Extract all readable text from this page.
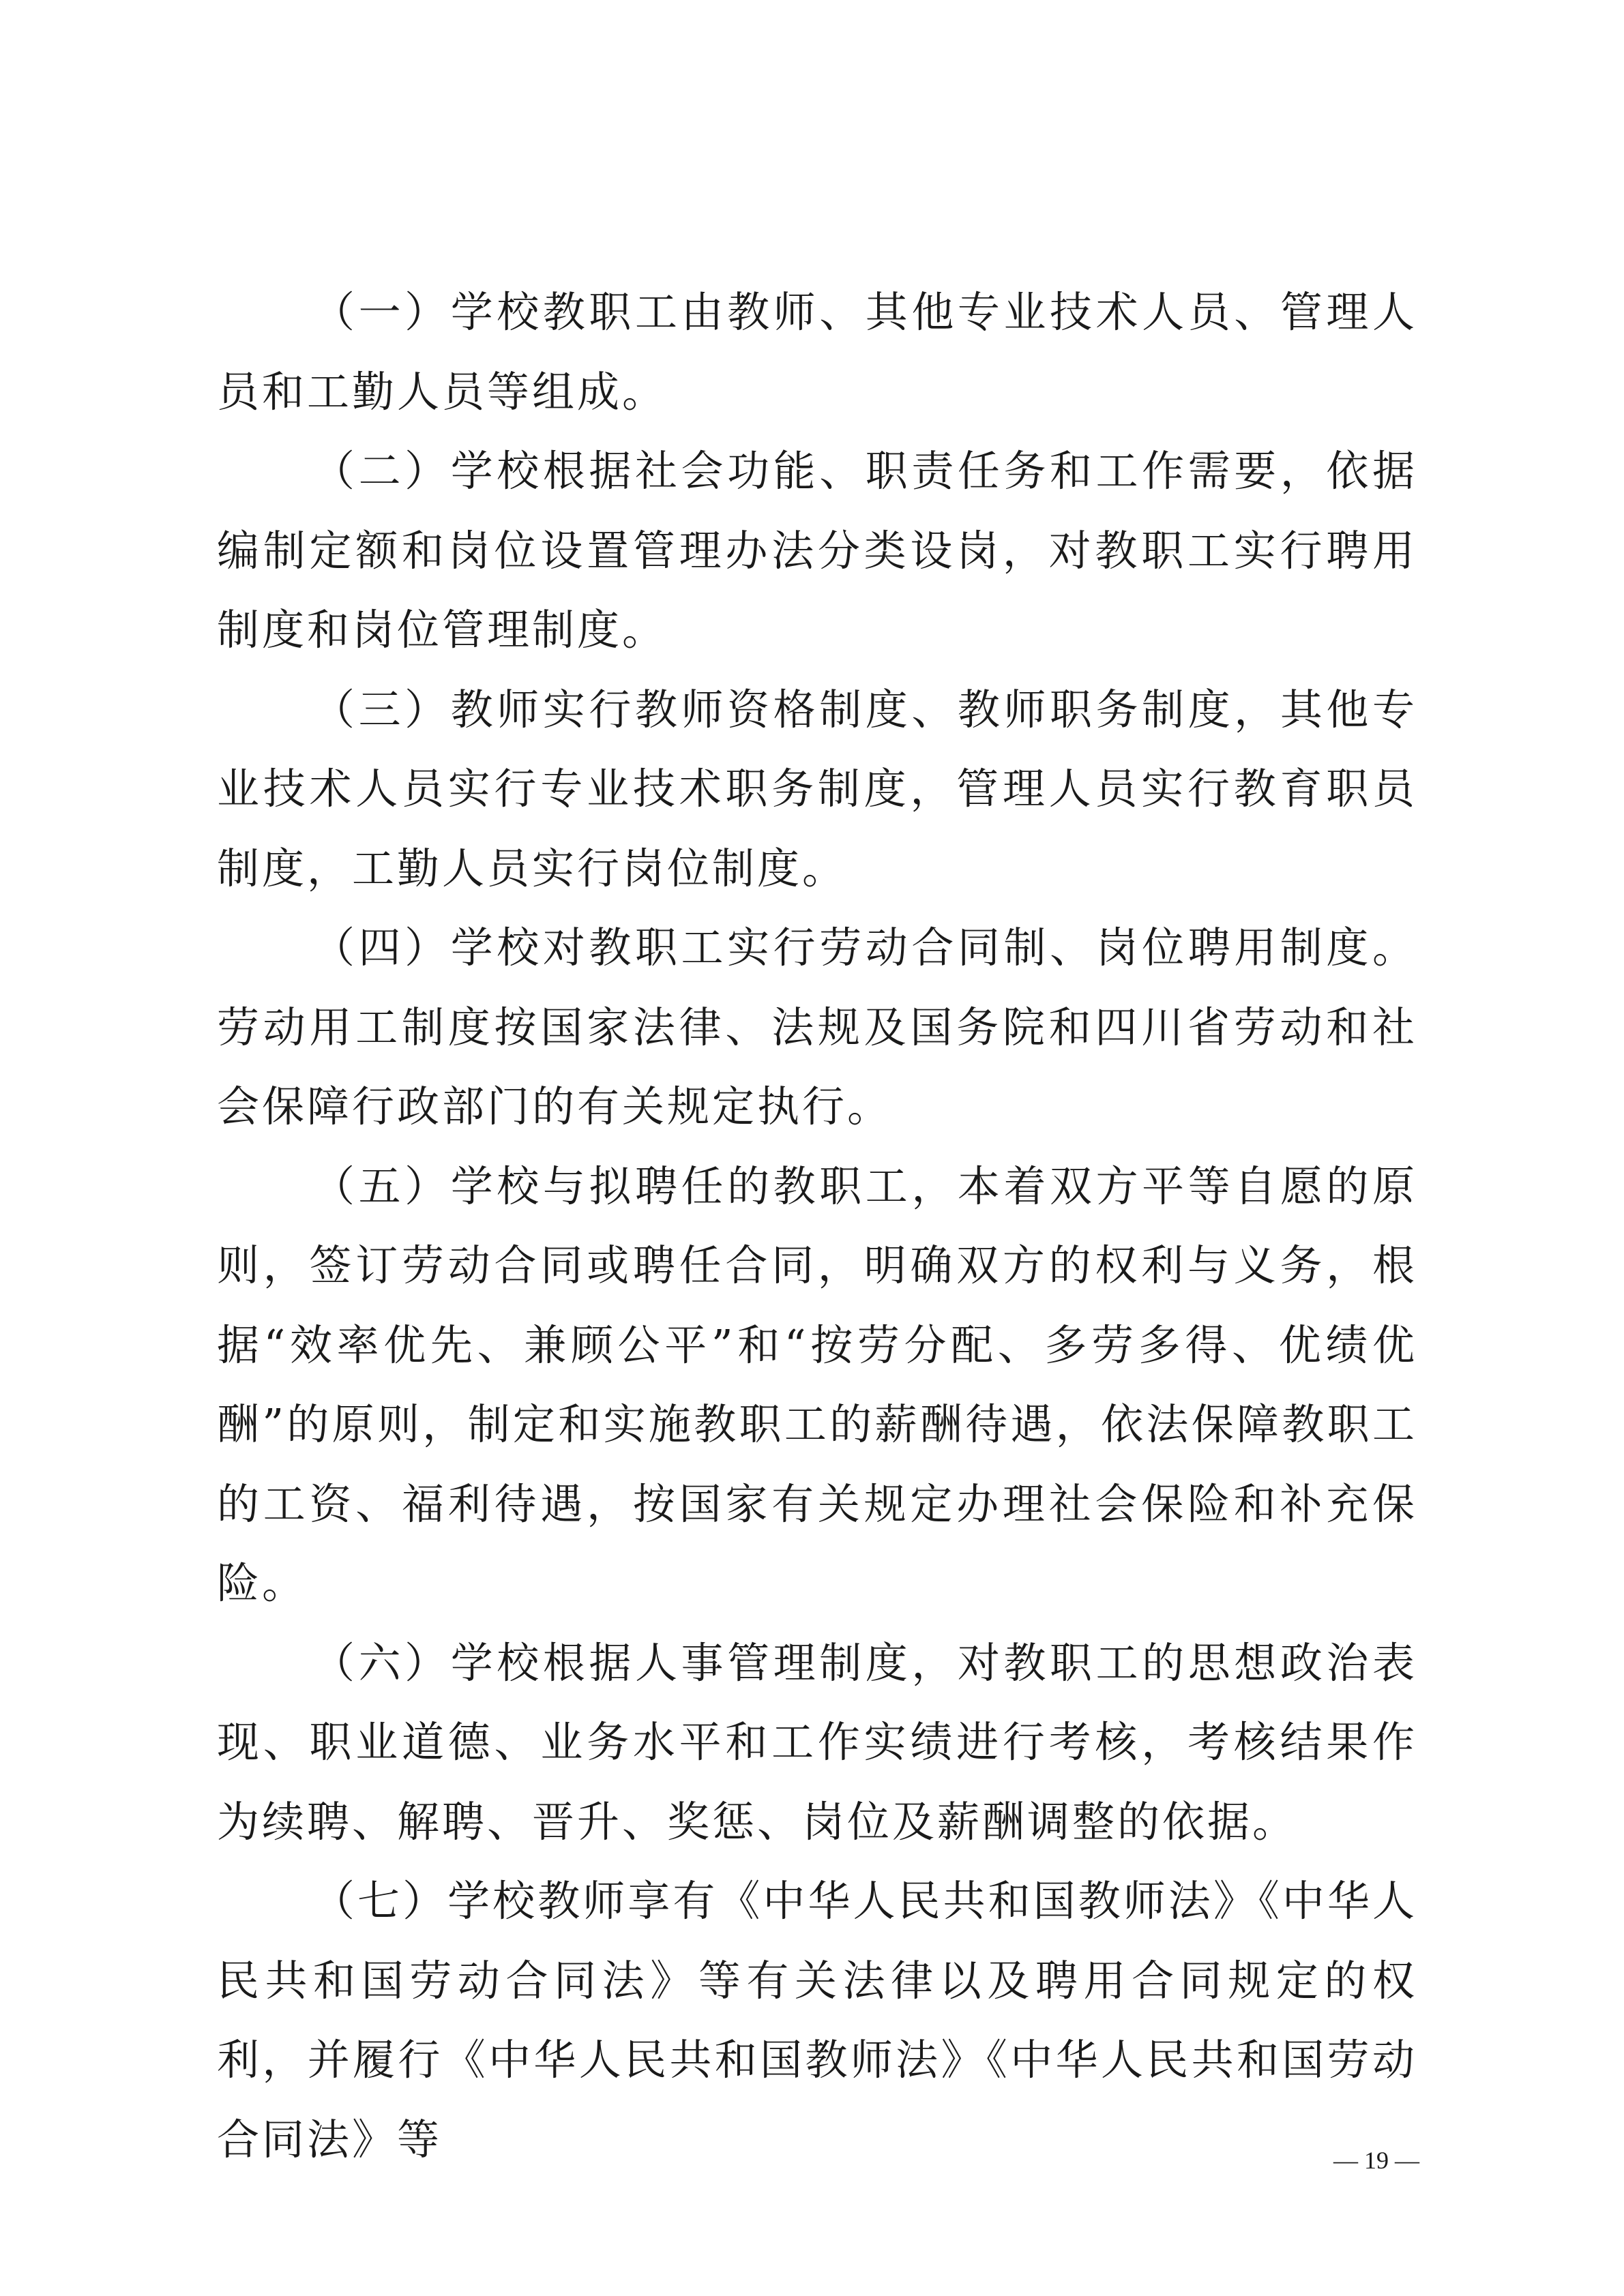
（一）学校教职工由教师、其他专业技术人员、管理人员和工勤人员等组成。

（二）学校根据社会功能、职责任务和工作需要，依据编制定额和岗位设置管理办法分类设岗，对教职工实行聘用制度和岗位管理制度。

（三）教师实行教师资格制度、教师职务制度，其他专业技术人员实行专业技术职务制度，管理人员实行教育职员制度，工勤人员实行岗位制度。

（四）学校对教职工实行劳动合同制、岗位聘用制度。劳动用工制度按国家法律、法规及国务院和四川省劳动和社会保障行政部门的有关规定执行。

（五）学校与拟聘任的教职工，本着双方平等自愿的原则，签订劳动合同或聘任合同，明确双方的权利与义务，根据“效率优先、兼顾公平”和“按劳分配、多劳多得、优绩优酬”的原则，制定和实施教职工的薪酬待遇，依法保障教职工的工资、福利待遇，按国家有关规定办理社会保险和补充保险。

（六）学校根据人事管理制度，对教职工的思想政治表现、职业道德、业务水平和工作实绩进行考核，考核结果作为续聘、解聘、晋升、奖惩、岗位及薪酬调整的依据。

（七）学校教师享有《中华人民共和国教师法》《中华人民共和国劳动合同法》等有关法律以及聘用合同规定的权利，并履行《中华人民共和国教师法》《中华人民共和国劳动合同法》等	— 19 —
